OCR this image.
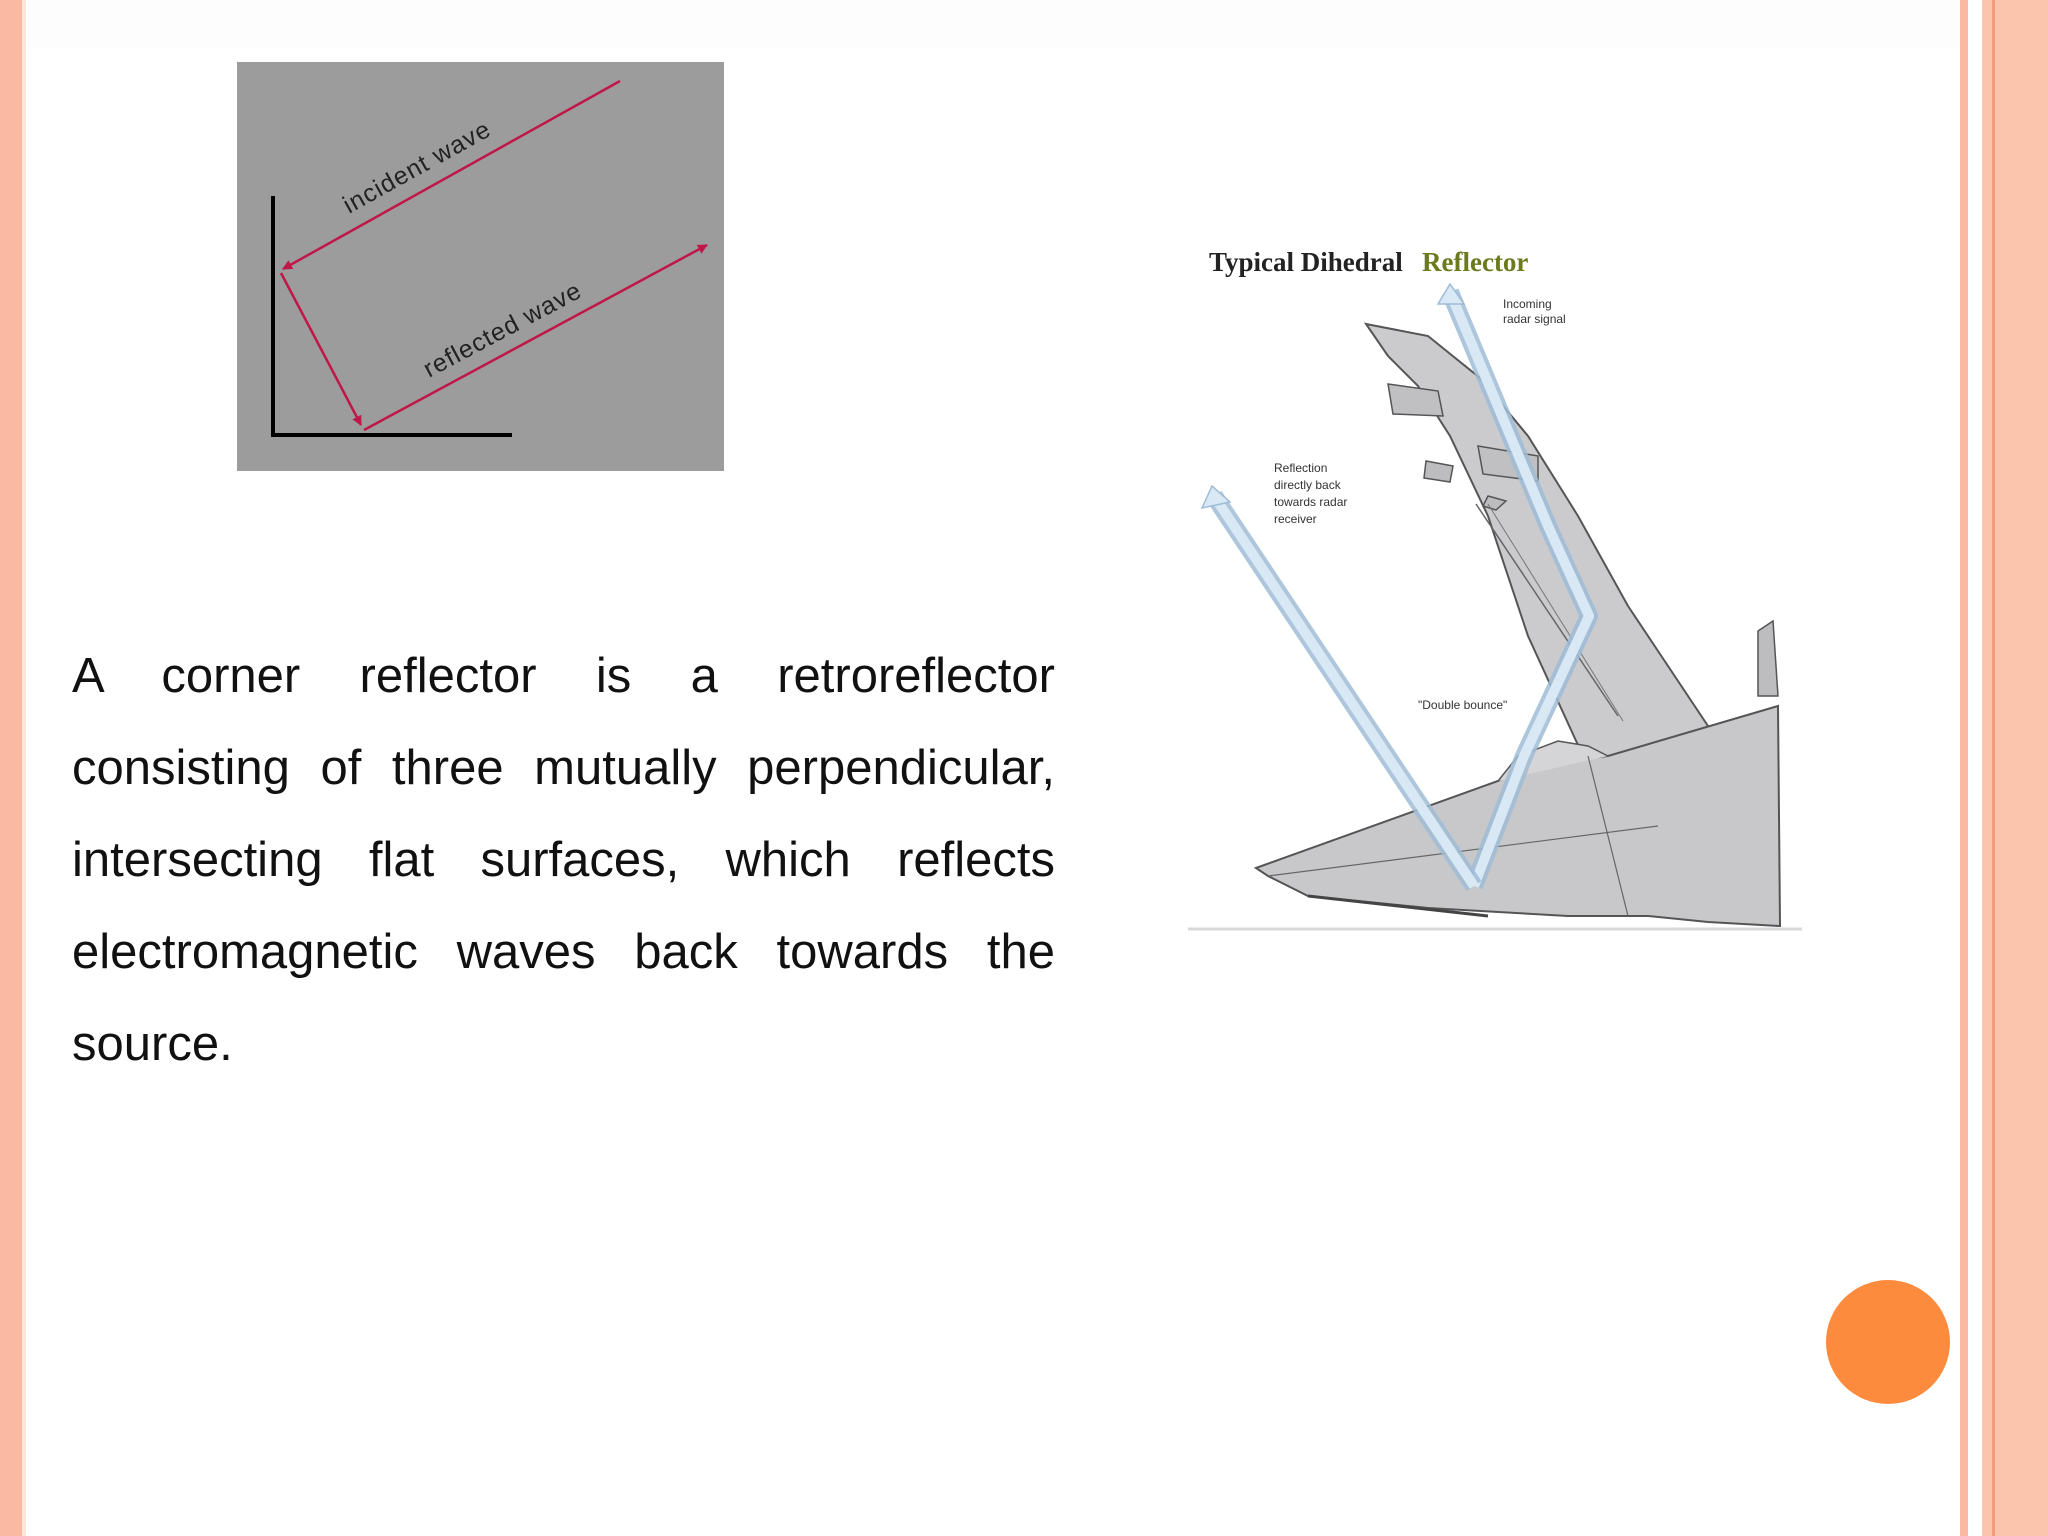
incident wave
reflected wave
Typical Dihedral Reflector
Incoming
radar signal
Reflection
directly back
towards radar
receiver
"Double bounce"

A corner reflector is a retroreflector consisting of three mutually perpendicular, intersecting flat surfaces, which reflects electromagnetic waves back towards the source.
